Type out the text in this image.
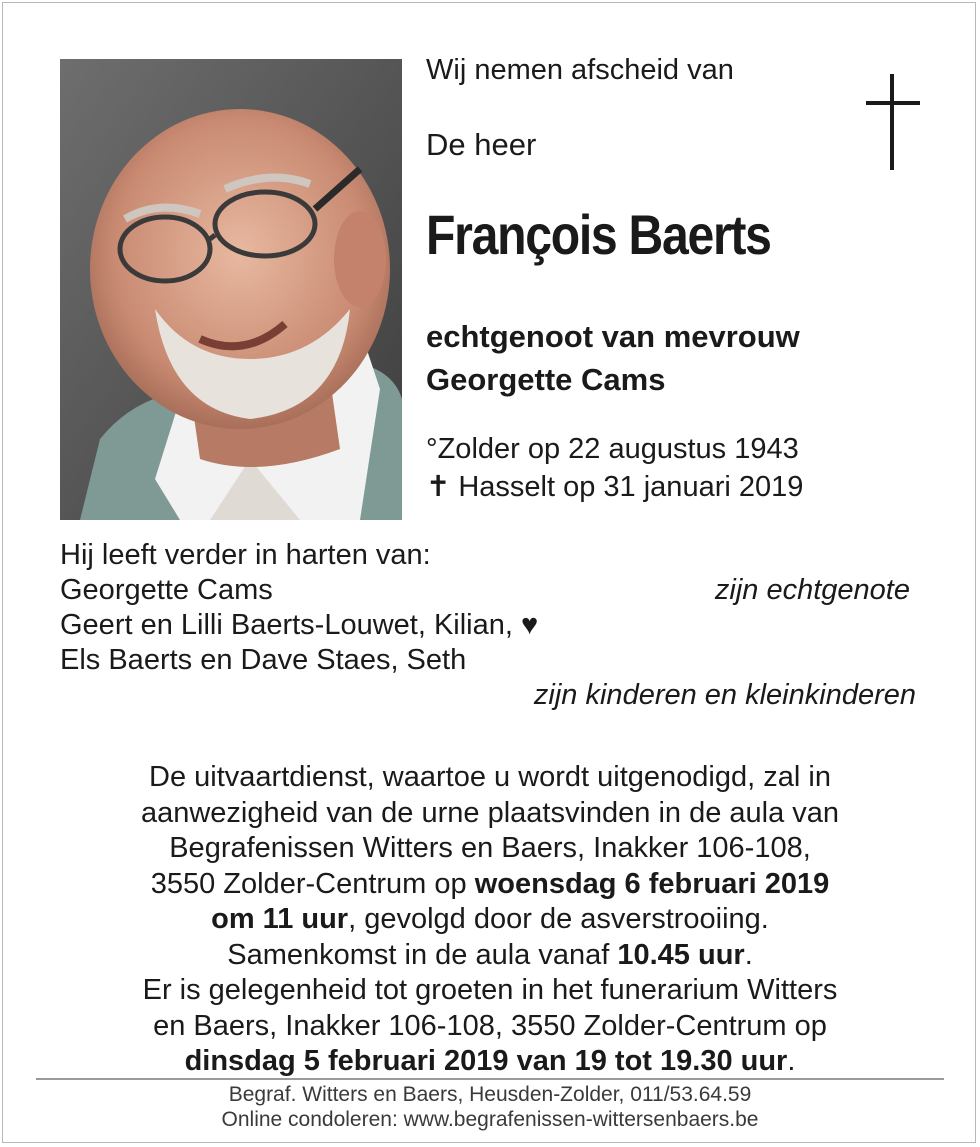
Wij nemen afscheid van
De heer
François Baerts
echtgenoot van mevrouw
Georgette Cams
°Zolder op 22 augustus 1943
✝ Hasselt op 31 januari 2019
Hij leeft verder in harten van:
Georgette Cams	zijn echtgenote
Geert en Lilli Baerts-Louwet, Kilian, ♥
Els Baerts en Dave Staes, Seth
zijn kinderen en kleinkinderen
De uitvaartdienst, waartoe u wordt uitgenodigd, zal in
aanwezigheid van de urne plaatsvinden in de aula van
Begrafenissen Witters en Baers, Inakker 106-108,
3550 Zolder-Centrum op woensdag 6 februari 2019
om 11 uur, gevolgd door de asverstrooiing.
Samenkomst in de aula vanaf 10.45 uur.
Er is gelegenheid tot groeten in het funerarium Witters
en Baers, Inakker 106-108, 3550 Zolder-Centrum op
dinsdag 5 februari 2019 van 19 tot 19.30 uur.
Begraf. Witters en Baers, Heusden-Zolder, 011/53.64.59
Online condoleren: www.begrafenissen-wittersenbaers.be
